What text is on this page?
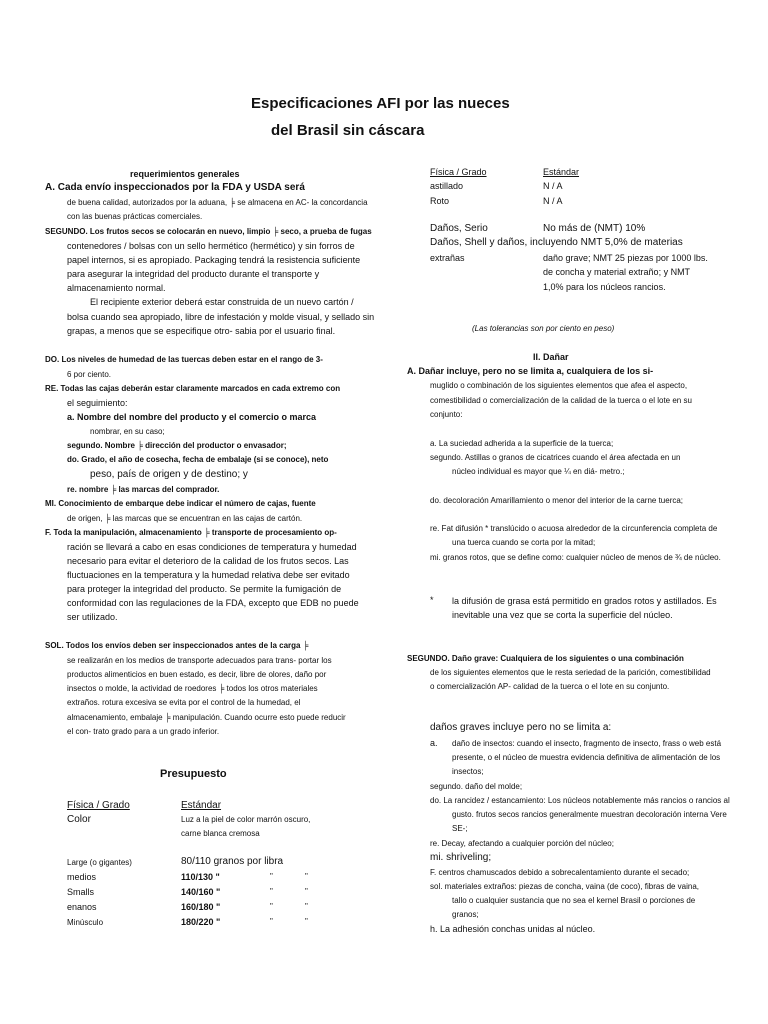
Especificaciones AFI por las nueces
del Brasil sin cáscara
requerimientos generales
A. Cada envío inspeccionados por la FDA y USDA será
de buena calidad, autorizados por la aduana, ╞ se almacena en AC- la concordancia
con las buenas prácticas comerciales.
SEGUNDO. Los frutos secos se colocarán en nuevo, limpio ╞ seco, a prueba de fugas
contenedores / bolsas con un sello hermético (hermético) y sin forros de
papel internos, si es apropiado. Packaging tendrá la resistencia suficiente
para asegurar la integridad del producto durante el transporte y
almacenamiento normal.
El recipiente exterior deberá estar construida de un nuevo cartón /
bolsa cuando sea apropiado, libre de infestación y molde visual, y sellado sin
grapas, a menos que se especifique otro- sabia por el usuario final.
DO. Los niveles de humedad de las tuercas deben estar en el rango de 3-
6 por ciento.
RE. Todas las cajas deberán estar claramente marcados en cada extremo con
el seguimiento:
a. Nombre del nombre del producto y el comercio o marca
nombrar, en su caso;
segundo. Nombre ╞ dirección del productor o envasador;
do. Grado, el año de cosecha, fecha de embalaje (si se conoce), neto
peso, país de origen y de destino; y
re. nombre ╞ las marcas del comprador.
MI. Conocimiento de embarque debe indicar el número de cajas, fuente
de origen, ╞ las marcas que se encuentran en las cajas de cartón.
F. Toda la manipulación, almacenamiento ╞ transporte de procesamiento op-
ración se llevará a cabo en esas condiciones de temperatura y humedad
necesario para evitar el deterioro de la calidad de los frutos secos. Las
fluctuaciones en la temperatura y la humedad relativa debe ser evitado
para proteger la integridad del producto. Se permite la fumigación de
conformidad con las regulaciones de la FDA, excepto que EDB no puede
ser utilizado.
SOL. Todos los envíos deben ser inspeccionados antes de la carga ╞
se realizarán en los medios de transporte adecuados para trans- portar los
productos alimenticios en buen estado, es decir, libre de olores, daño por
insectos o molde, la actividad de roedores ╞ todos los otros materiales
extraños. rotura excesiva se evita por el control de la humedad, el
almacenamiento, embalaje ╞ manipulación. Cuando ocurre esto puede reducir
el con- trato grado para a un grado inferior.
Presupuesto
Física / Grado	Estándar
Color	Luz a la piel de color marrón oscuro,
carne blanca cremosa
Large (o gigantes)	80/110 granos por libra
medios	110/130 "	"	"
Smalls	140/160 "	"	"
enanos	160/180 "	"	"
Minúsculo	180/220 "	"	"
Física / Grado	Estándar
astillado	N / A
Roto	N / A
Daños, Serio	No más de (NMT) 10%
Daños, Shell y daños, incluyendo NMT 5,0% de materias
extrañas	daño grave; NMT 25 piezas por 1000 lbs.
de concha y material extraño; y NMT
1,0% para los núcleos rancios.
(Las tolerancias son por ciento en peso)
II. Dañar
A. Dañar incluye, pero no se limita a, cualquiera de los si-
muglido o combinación de los siguientes elementos que afea el aspecto,
comestibilidad o comercialización de la calidad de la tuerca o el lote en su
conjunto:
a. La suciedad adherida a la superficie de la tuerca;
segundo. Astillas o granos de cicatrices cuando el área afectada en un
núcleo individual es mayor que ¼ en diá- metro.;
do. decoloración Amarillamiento o menor del interior de la carne tuerca;
re. Fat difusión * translúcido o acuosa alrededor de la circunferencia completa de
una tuerca cuando se corta por la mitad;
mi. granos rotos, que se define como: cualquier núcleo de menos de ¾ de núcleo.
* la difusión de grasa está permitido en grados rotos y astillados. Es
inevitable una vez que se corta la superficie del núcleo.
SEGUNDO. Daño grave: Cualquiera de los siguientes o una combinación
de los siguientes elementos que le resta seriedad de la parición, comestibilidad
o comercialización AP- calidad de la tuerca o el lote en su conjunto.
daños graves incluye pero no se limita a:
a. daño de insectos: cuando el insecto, fragmento de insecto, frass o web está
presente, o el núcleo de muestra evidencia definitiva de alimentación de los
insectos;
segundo. daño del molde;
do. La rancidez / estancamiento: Los núcleos notablemente más rancios o rancios al
gusto. frutos secos rancios generalmente muestran decoloración interna Vere
SE-;
re. Decay, afectando a cualquier porción del núcleo;
mi. shriveling;
F. centros chamuscados debido a sobrecalentamiento durante el secado;
sol. materiales extraños: piezas de concha, vaina (de coco), fibras de vaina,
tallo o cualquier sustancia que no sea el kernel Brasil o porciones de
granos;
h. La adhesión conchas unidas al núcleo.
